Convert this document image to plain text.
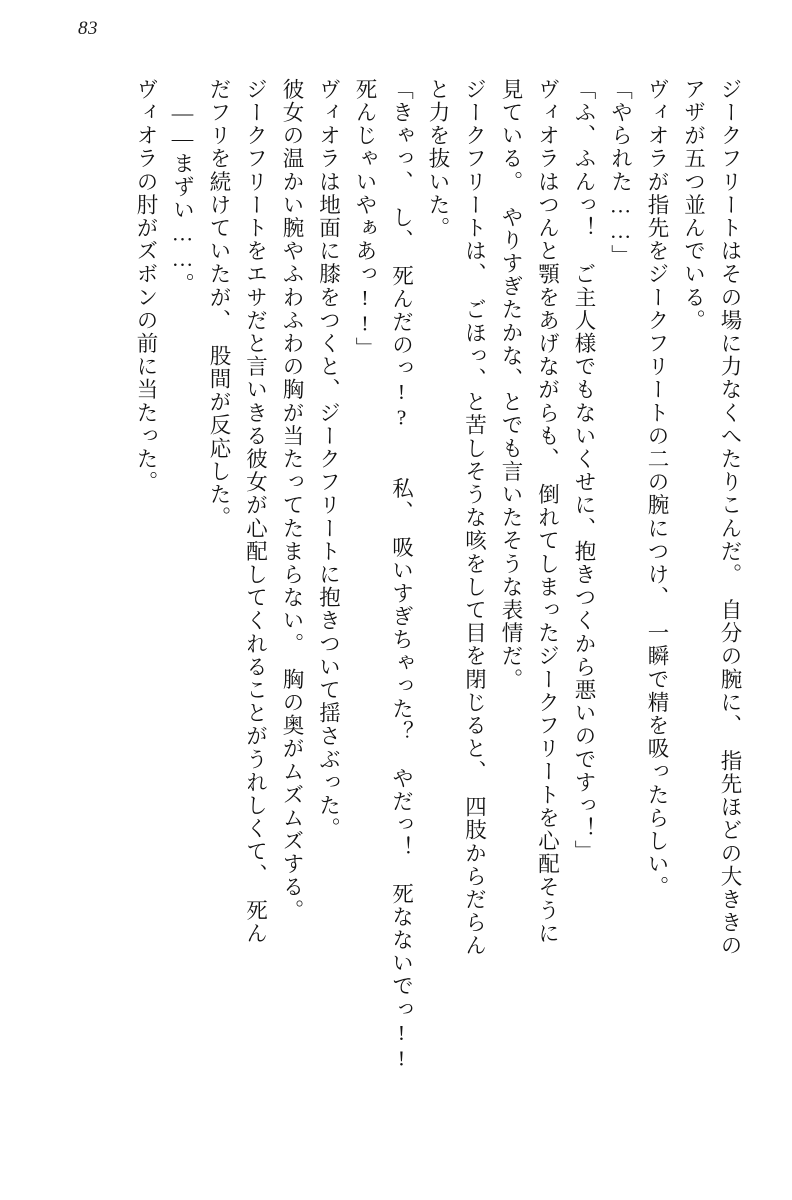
83
ジークフリートはその場に力なくへたりこんだ。　自分の腕に、　指先ほどの大ききの
アザが五つ並んでいる。
ヴィオラが指先をジークフリートの二の腕につけ、　一瞬で精を吸ったらしい。
「やられた……」
「ふ、ふんっ！　ご主人様でもないくせに、抱きつくから悪いのですっ！」
ヴィオラはつんと顎をあげながらも、　倒れてしまったジークフリートを心配そうに
見ている。　やりすぎたかな、とでも言いたそうな表情だ。
ジークフリートは、　ごほっ、と苦しそうな咳をして目を閉じると、　四肢からだらん
と力を抜いた。
「きゃっ、　し、　死んだのっ!?　　私、　吸いすぎちゃった？　やだっ！　死なないでっ!!
死んじゃいやぁあっ!!」
ヴィオラは地面に膝をつくと、ジークフリートに抱きついて揺さぶった。
彼女の温かい腕やふわふわの胸が当たってたまらない。　胸の奥がムズムズする。
ジークフリートをエサだと言いきる彼女が心配してくれることがうれしくて、　死ん
だフリを続けていたが、　股間が反応した。
　――まずい……。
ヴィオラの肘がズボンの前に当たった。
